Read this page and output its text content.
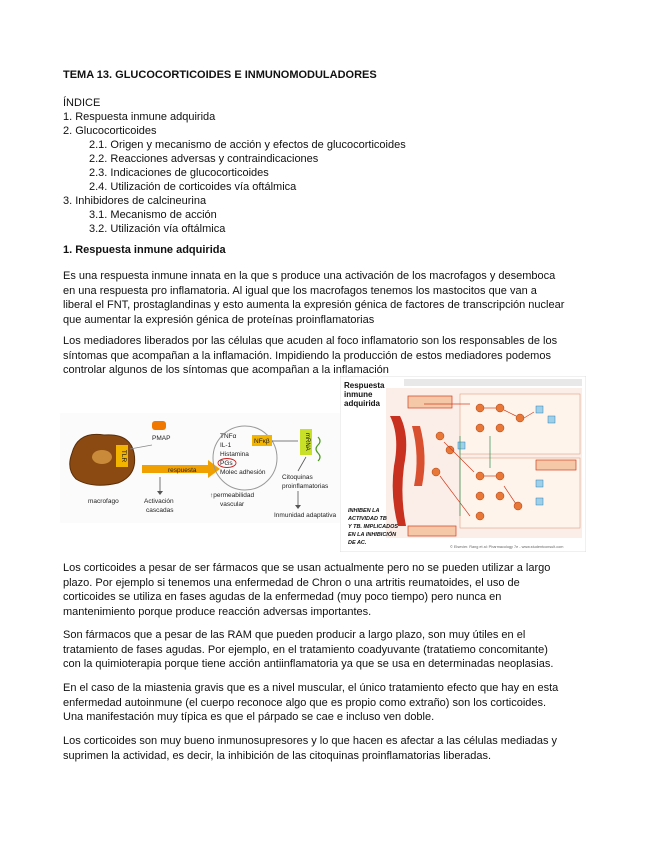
TEMA 13. GLUCOCORTICOIDES E INMUNOMODULADORES
ÍNDICE
1. Respuesta inmune adquirida
2. Glucocorticoides
2.1. Origen y mecanismo de acción y efectos de glucocorticoides
2.2. Reacciones adversas y contraindicaciones
2.3. Indicaciones de glucocorticoides
2.4. Utilización de corticoides vía oftálmica
3. Inhibidores de calcineurina
3.1. Mecanismo de acción
3.2. Utilización vía oftálmica
1. Respuesta inmune adquirida
Es una respuesta inmune innata en la que s produce una activación de los macrofagos y desemboca
en una respuesta pro inflamatoria. Al igual que los macrofagos tenemos los mastocitos que van a
liberal el FNT, prostaglandinas y esto aumenta la expresión génica de factores de transcripción nuclear
que aumentar la expresión génica de proteínas proinflamatorias
Los mediadores liberados por las células que acuden al foco inflamatorio son los responsables de los
síntomas que acompañan a la inflamación. Impidiendo la producción de estos mediadores podemos
controlar algunos de los síntomas que acompañan a la inflamación
Los corticoides a pesar de ser fármacos que se usan actualmente pero no se pueden utilizar a largo
plazo. Por ejemplo si tenemos una enfermedad de Chron o una artritis reumatoides, el uso de
corticoides se utiliza en fases agudas de la enfermedad (muy poco tiempo) pero nunca en
mantenimiento porque produce reacción adversas importantes.
Son fármacos que a pesar de las RAM que pueden producir a largo plazo, son muy útiles en el
tratamiento de fases agudas. Por ejemplo, en el tratamiento coadyuvante (tratatiemo concomitante)
con la quimioterapia porque tiene acción antiinflamatoria ya que se usa en determinadas neoplasias.
En el caso de la miastenia gravis que es a nivel muscular, el único tratamiento efecto que hay en esta
enfermedad autoinmune (el cuerpo reconoce algo que es propio como extraño) son los corticoides.
Una manifestación muy típica es que el párpado se cae e incluso ven doble.
Los corticoides son muy bueno inmunosupresores y lo que hacen es afectar a las células mediadas y
suprimen la actividad, es decir, la inhibición de las citoquinas proinflamatorias liberadas.
TLR
macrofago
PMAP
respuesta
Activación
cascadas
TNFα
IL-1
Histamina
PGs
Molec adhesión
NFκβ	mRNA
Citoquinas
proinflamatorias
Inmunidad adaptativa
↑permeabilidad
vascular
Respuesta
inmune
adquirida
INHIBEN LA
ACTIVIDAD TB
Y TB. IMPLICADOS
EN LA INHIBICIÓN
DE AC.
© Elsevier. Rang et al: Pharmacology 7e - www.studentconsult.com
